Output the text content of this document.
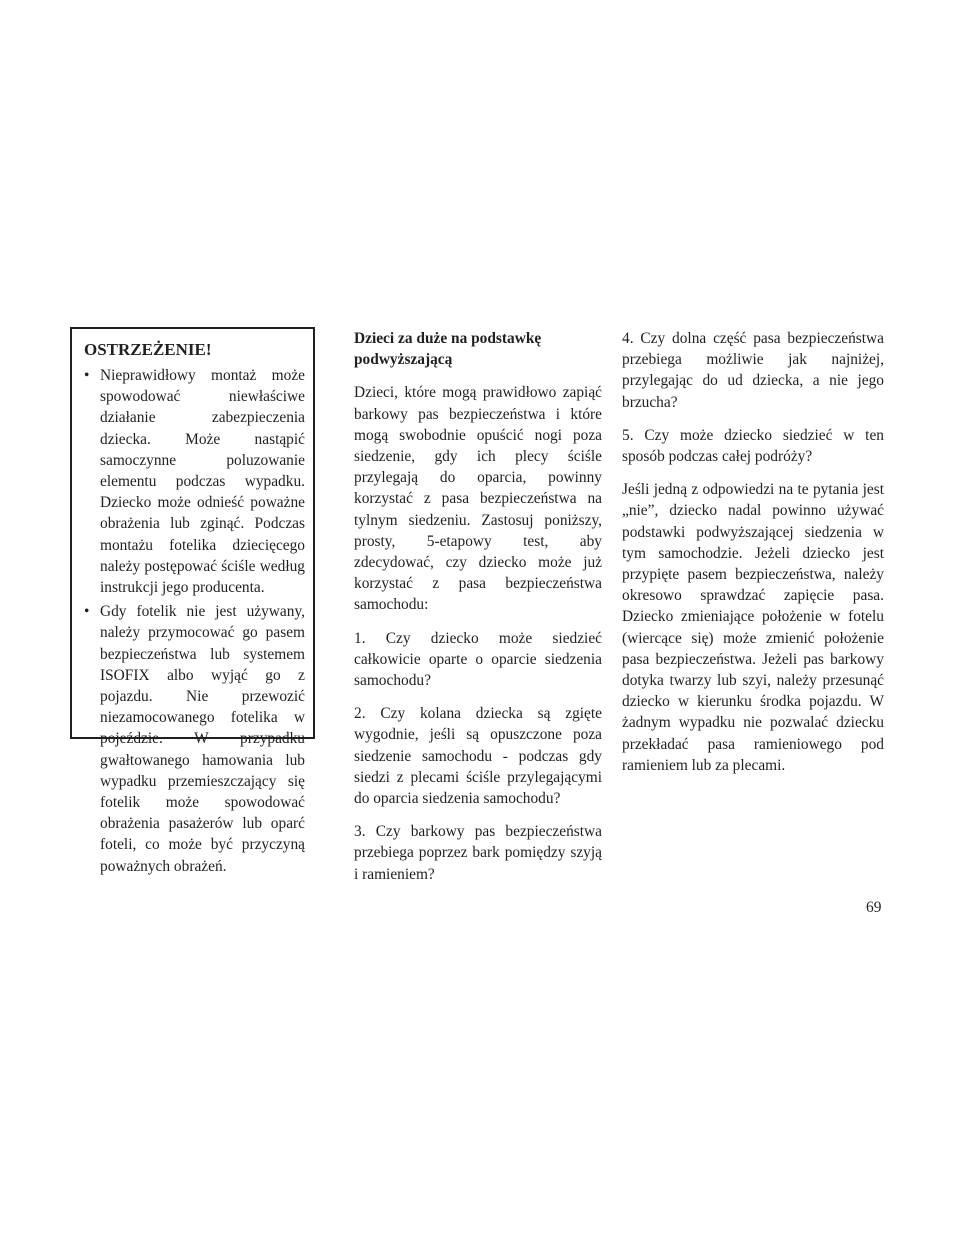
OSTRZEŻENIE!
• Nieprawidłowy montaż może spowodować niewłaściwe działanie zabezpieczenia dziecka. Może nastąpić samoczynne poluzowanie elementu podczas wypadku. Dziecko może odnieść poważne obrażenia lub zginąć. Podczas montażu fotelika dziecięcego należy postępować ściśle według instrukcji jego producenta.
• Gdy fotelik nie jest używany, należy przymocować go pasem bezpieczeństwa lub systemem ISOFIX albo wyjąć go z pojazdu. Nie przewozić niezamocowanego fotelika w pojeździe. W przypadku gwałtowanego hamowania lub wypadku przemieszczający się fotelik może spowodować obrażenia pasażerów lub oparć foteli, co może być przyczyną poważnych obrażeń.

Dzieci za duże na podstawkę podwyższającą

Dzieci, które mogą prawidłowo zapiąć barkowy pas bezpieczeństwa i które mogą swobodnie opuścić nogi poza siedzenie, gdy ich plecy ściśle przylegają do oparcia, powinny korzystać z pasa bezpieczeństwa na tylnym siedzeniu. Zastosuj poniższy, prosty, 5-etapowy test, aby zdecydować, czy dziecko może już korzystać z pasa bezpieczeństwa samochodu:

1. Czy dziecko może siedzieć całkowicie oparte o oparcie siedzenia samochodu?

2. Czy kolana dziecka są zgięte wygodnie, jeśli są opuszczone poza siedzenie samochodu - podczas gdy siedzi z plecami ściśle przylegającymi do oparcia siedzenia samochodu?

3. Czy barkowy pas bezpieczeństwa przebiega poprzez bark pomiędzy szyją i ramieniem?

4. Czy dolna część pasa bezpieczeństwa przebiega możliwie jak najniżej, przylegając do ud dziecka, a nie jego brzucha?

5. Czy może dziecko siedzieć w ten sposób podczas całej podróży?

Jeśli jedną z odpowiedzi na te pytania jest „nie”, dziecko nadal powinno używać podstawki podwyższającej siedzenia w tym samochodzie. Jeżeli dziecko jest przypięte pasem bezpieczeństwa, należy okresowo sprawdzać zapięcie pasa. Dziecko zmieniające położenie w fotelu (wiercące się) może zmienić położenie pasa bezpieczeństwa. Jeżeli pas barkowy dotyka twarzy lub szyi, należy przesunąć dziecko w kierunku środka pojazdu. W żadnym wypadku nie pozwalać dziecku przekładać pasa ramieniowego pod ramieniem lub za plecami.

69
